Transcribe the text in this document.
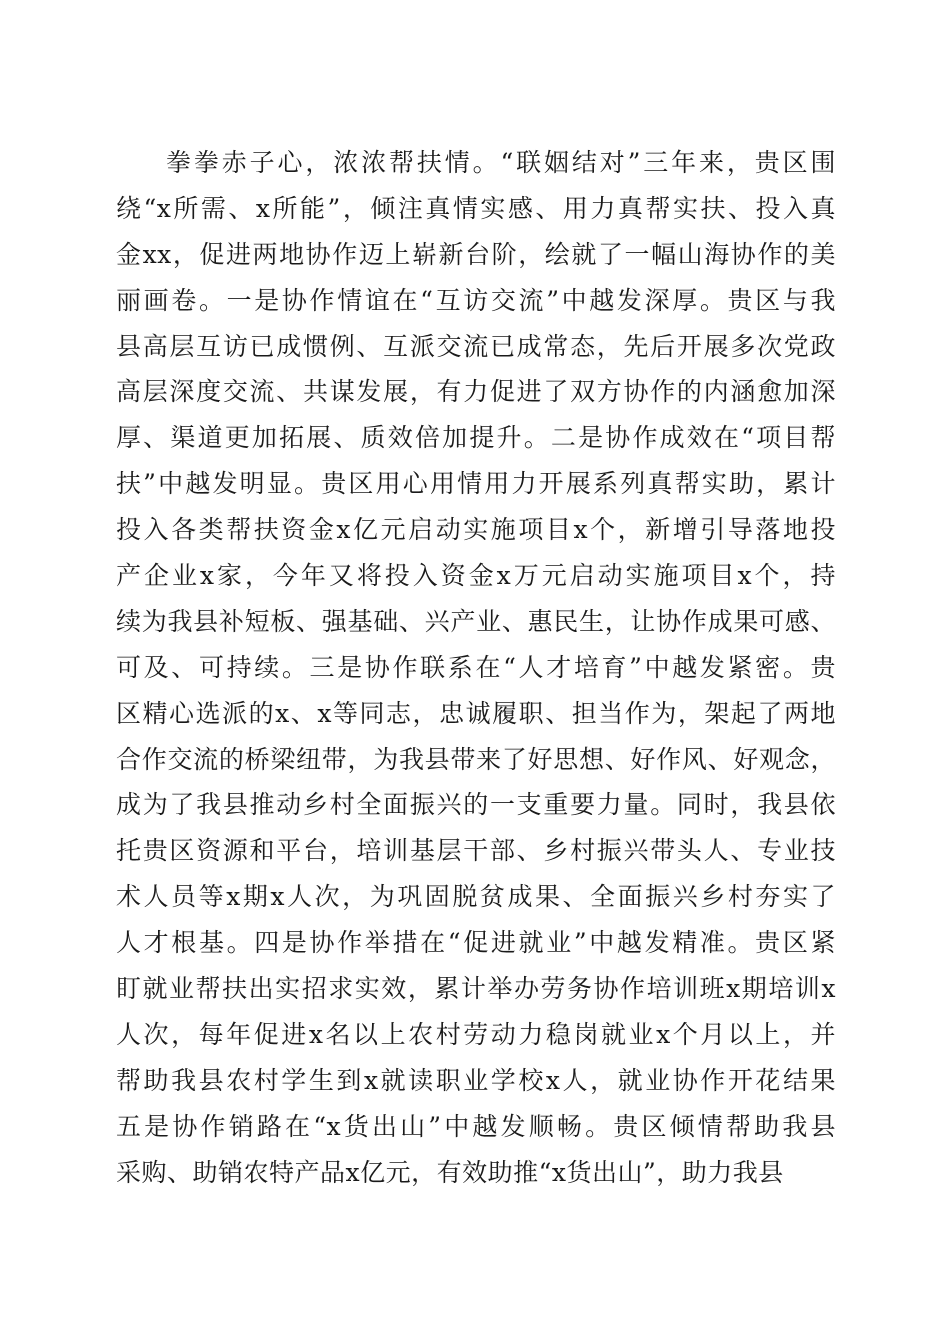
拳拳赤子心，浓浓帮扶情。“联姻结对”三年来，贵区围
绕“x所需、x所能”，倾注真情实感、用力真帮实扶、投入真
金xx，促进两地协作迈上崭新台阶，绘就了一幅山海协作的美
丽画卷。一是协作情谊在“互访交流”中越发深厚。贵区与我
县高层互访已成惯例、互派交流已成常态，先后开展多次党政
高层深度交流、共谋发展，有力促进了双方协作的内涵愈加深
厚、渠道更加拓展、质效倍加提升。二是协作成效在“项目帮
扶”中越发明显。贵区用心用情用力开展系列真帮实助，累计
投入各类帮扶资金x亿元启动实施项目x个，新增引导落地投
产企业x家，今年又将投入资金x万元启动实施项目x个，持
续为我县补短板、强基础、兴产业、惠民生，让协作成果可感、
可及、可持续。三是协作联系在“人才培育”中越发紧密。贵
区精心选派的x、x等同志，忠诚履职、担当作为，架起了两地
合作交流的桥梁纽带，为我县带来了好思想、好作风、好观念，
成为了我县推动乡村全面振兴的一支重要力量。同时，我县依
托贵区资源和平台，培训基层干部、乡村振兴带头人、专业技
术人员等x期x人次，为巩固脱贫成果、全面振兴乡村夯实了
人才根基。四是协作举措在“促进就业”中越发精准。贵区紧
盯就业帮扶出实招求实效，累计举办劳务协作培训班x期培训x
人次，每年促进x名以上农村劳动力稳岗就业x个月以上，并
帮助我县农村学生到x就读职业学校x人，就业协作开花结果
五是协作销路在“x货出山”中越发顺畅。贵区倾情帮助我县
采购、助销农特产品x亿元，有效助推“x货出山”，助力我县
